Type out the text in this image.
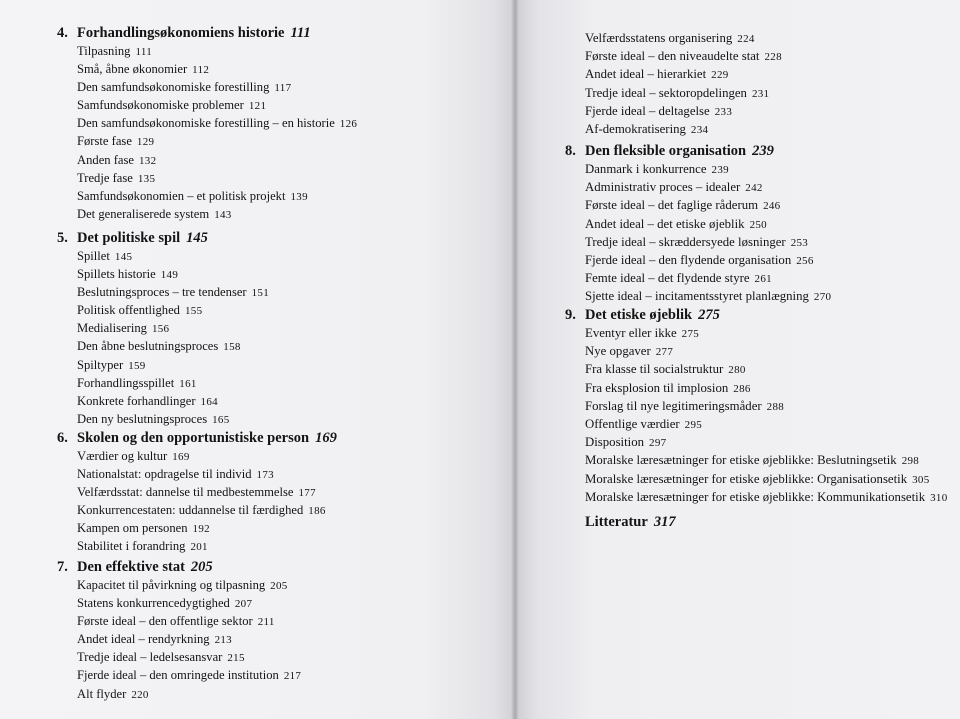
4. Forhandlingsøkonomiens historie 111
Tilpasning 111
Små, åbne økonomier 112
Den samfundsøkonomiske forestilling 117
Samfundsøkonomiske problemer 121
Den samfundsøkonomiske forestilling – en historie 126
Første fase 129
Anden fase 132
Tredje fase 135
Samfundsøkonomien – et politisk projekt 139
Det generaliserede system 143
5. Det politiske spil 145
Spillet 145
Spillets historie 149
Beslutningsproces – tre tendenser 151
Politisk offentlighed 155
Medialisering 156
Den åbne beslutningsproces 158
Spiltyper 159
Forhandlingsspillet 161
Konkrete forhandlinger 164
Den ny beslutningsproces 165
6. Skolen og den opportunistiske person 169
Værdier og kultur 169
Nationalstat: opdragelse til individ 173
Velfærdsstat: dannelse til medbestemmelse 177
Konkurrencestaten: uddannelse til færdighed 186
Kampen om personen 192
Stabilitet i forandring 201
7. Den effektive stat 205
Kapacitet til påvirkning og tilpasning 205
Statens konkurrencedygtighed 207
Første ideal – den offentlige sektor 211
Andet ideal – rendyrkning 213
Tredje ideal – ledelsesansvar 215
Fjerde ideal – den omringede institution 217
Alt flyder 220
Velfærdsstatens organisering 224
Første ideal – den niveaudelte stat 228
Andet ideal – hierarkiet 229
Tredje ideal – sektoropdelingen 231
Fjerde ideal – deltagelse 233
Af-demokratisering 234
8. Den fleksible organisation 239
Danmark i konkurrence 239
Administrativ proces – idealer 242
Første ideal – det faglige råderum 246
Andet ideal – det etiske øjeblik 250
Tredje ideal – skræddersyede løsninger 253
Fjerde ideal – den flydende organisation 256
Femte ideal – det flydende styre 261
Sjette ideal – incitamentsstyret planlægning 270
9. Det etiske øjeblik 275
Eventyr eller ikke 275
Nye opgaver 277
Fra klasse til socialstruktur 280
Fra eksplosion til implosion 286
Forslag til nye legitimeringsmåder 288
Offentlige værdier 295
Disposition 297
Moralske læresætninger for etiske øjeblikke: Beslutningsetik 298
Moralske læresætninger for etiske øjeblikke: Organisationsetik 305
Moralske læresætninger for etiske øjeblikke: Kommunikationsetik 310
Litteratur 317
